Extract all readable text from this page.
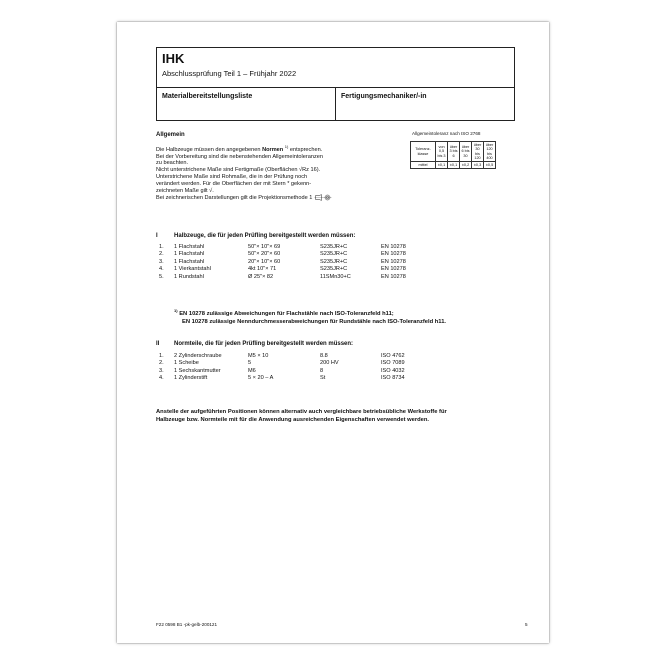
IHK
Abschlussprüfung Teil 1 – Frühjahr 2022
Materialbereitstellungsliste	Fertigungsmechaniker/-in
Allgemein
Die Halbzeuge müssen den angegebenen Normen $^{1)}$ entsprechen.
Bei der Vorbereitung sind die nebenstehenden Allgemeintoleranzen
zu beachten.
Nicht unterstrichene Maße sind Fertigmaße (Oberflächen √Rz 16).
Unterstrichene Maße sind Rohmaße, die in der Prüfung noch
verändert werden. Für die Oberflächen der mit Stern * gekenn-
zeichneten Maße gilt √.
Bei zeichnerischen Darstellungen gilt die Projektionsmethode 1
Allgemeintoleranz nach ISO 2768
Toleranz-klasse	von 0,5 bis 3	über 3 bis 6	über 6 bis 30	über 30 bis 120	über 120 bis 400
mittel	±0,1	±0,1	±0,2	±0,3	±0,5
I	Halbzeuge, die für jeden Prüfling bereitgestellt werden müssen:
1. 1 Flachstahl	50"× 10"× 69	S235JR+C	EN 10278
2. 1 Flachstahl	50"× 20"× 60	S235JR+C	EN 10278
3. 1 Flachstahl	20"× 10"× 60	S235JR+C	EN 10278
4. 1 Vierkantstahl	4kt 10"× 71	S235JR+C	EN 10278
5. 1 Rundstahl	Ø 25"× 82	11SMn30+C	EN 10278
$^{1)}$ EN 10278 zulässige Abweichungen für Flachstähle nach ISO-Toleranzfeld h11;
EN 10278 zulässige Nenndurchmesserabweichungen für Rundstähle nach ISO-Toleranzfeld h11.
II Normteile, die für jeden Prüfling bereitgestellt werden müssen:
1. 2 Zylinderschraube	M5 × 10	8.8	ISO 4762
2. 1 Scheibe	5	200 HV	ISO 7089
3. 1 Sechskantmutter	M6	8	ISO 4032
4. 1 Zylinderstift	5 × 20 – A	St	ISO 8734
Anstelle der aufgeführten Positionen können alternativ auch vergleichbare betriebsübliche Werkstoffe für
Halbzeuge bzw. Normteile mit für die Anwendung ausreichenden Eigenschaften verwendet werden.
F22 0598 B1 -pk-gelb-200121	5
